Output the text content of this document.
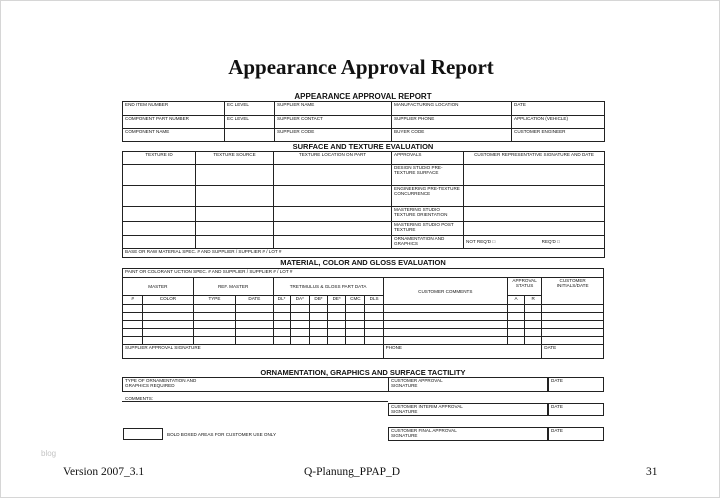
Appearance Approval Report
APPEARANCE APPROVAL REPORT
END ITEM NUMBER	EC LEVEL	SUPPLIER NAME	MANUFACTURING LOCATION	DATE
COMPONENT PART NUMBER	EC LEVEL	SUPPLIER CONTACT	SUPPLIER PHONE	APPLICATION (VEHICLE)
COMPONENT NAME		SUPPLIER CODE	BUYER CODE	CUSTOMER ENGINEER
SURFACE AND TEXTURE EVALUATION
TEXTURE ID	TEXTURE SOURCE	TEXTURE LOCATION ON PART	APPROVALS	CUSTOMER REPRESENTATIVE SIGNATURE AND DATE
			DESIGN STUDIO PRE-TEXTURE SURFACE	
			ENGINEERING PRE-TEXTURE CONCURRENCE	
			MASTERING STUDIO TEXTURE ORIENTATION	
			MASTERING STUDIO POST TEXTURE	
			ORNAMENTATION AND GRAPHICS	NOT REQ'D □ REQ'D □
BASE OR RAW MATERIAL SPEC. # AND SUPPLIER / SUPPLIER # / LOT #				
MATERIAL, COLOR AND GLOSS EVALUATION
PAINT OR COLORANT UCTION SPEC. # AND SUPPLIER / SUPPLIER # / LOT #													
MASTER		REF. MASTER		TRETIMULUS & GLOSS PART DATA						CUSTOMER COMMENTS	APPROVAL STATUS		CUSTOMER INITIALS/DATE
#	COLOR	TYPE	DATE	DL*	DA*	DB*	DE*	CMC	DLS		A	R	

SUPPLIER APPROVAL SIGNATURE										PHONE			DATE
ORNAMENTATION, GRAPHICS AND SURFACE TACTILITY
TYPE OF ORNAMENTATION AND GRAPHICS REQUIRED
CUSTOMER APPROVAL SIGNATURE
DATE
COMMENTS:
CUSTOMER INTERIM APPROVAL SIGNATURE
DATE
BOLD BOXED AREAS FOR CUSTOMER USE ONLY
CUSTOMER FINAL APPROVAL SIGNATURE
DATE
blog
Version 2007_3.1	Q-Planung_PPAP_D	31
